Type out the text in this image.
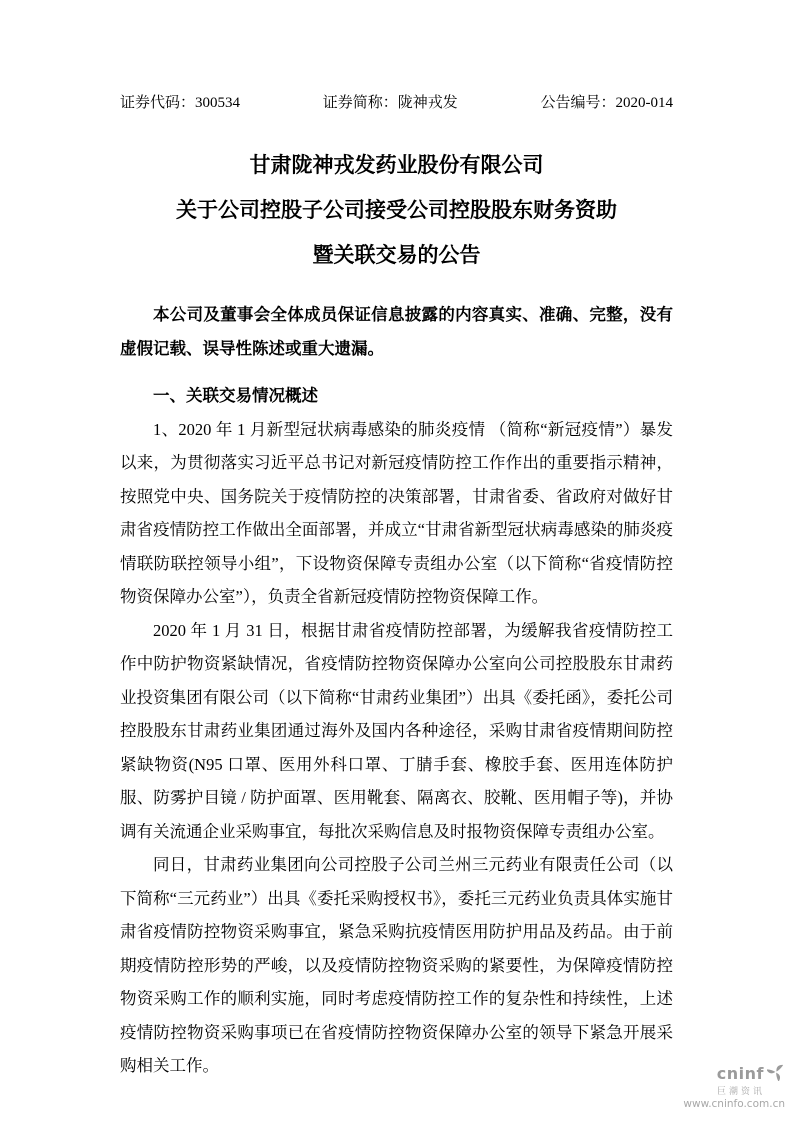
证券代码：300534	证券简称：陇神戎发	公告编号：2020-014
甘肃陇神戎发药业股份有限公司
关于公司控股子公司接受公司控股股东财务资助
暨关联交易的公告

本公司及董事会全体成员保证信息披露的内容真实、准确、完整，没有虚假记载、误导性陈述或重大遗漏。

一、关联交易情况概述

1、2020 年 1 月新型冠状病毒感染的肺炎疫情 （简称“新冠疫情”）暴发以来，为贯彻落实习近平总书记对新冠疫情防控工作作出的重要指示精神，按照党中央、国务院关于疫情防控的决策部署，甘肃省委、省政府对做好甘肃省疫情防控工作做出全面部署，并成立“甘肃省新型冠状病毒感染的肺炎疫情联防联控领导小组”，下设物资保障专责组办公室（以下简称“省疫情防控物资保障办公室”），负责全省新冠疫情防控物资保障工作。

2020 年 1 月 31 日，根据甘肃省疫情防控部署，为缓解我省疫情防控工作中防护物资紧缺情况，省疫情防控物资保障办公室向公司控股股东甘肃药业投资集团有限公司（以下简称“甘肃药业集团”）出具《委托函》，委托公司控股股东甘肃药业集团通过海外及国内各种途径，采购甘肃省疫情期间防控紧缺物资(N95 口罩、医用外科口罩、丁腈手套、橡胶手套、医用连体防护服、防雾护目镜 / 防护面罩、医用靴套、隔离衣、胶靴、医用帽子等)，并协调有关流通企业采购事宜，每批次采购信息及时报物资保障专责组办公室。

同日，甘肃药业集团向公司控股子公司兰州三元药业有限责任公司（以下简称“三元药业”）出具《委托采购授权书》，委托三元药业负责具体实施甘肃省疫情防控物资采购事宜，紧急采购抗疫情医用防护用品及药品。由于前期疫情防控形势的严峻，以及疫情防控物资采购的紧要性，为保障疫情防控物资采购工作的顺利实施，同时考虑疫情防控工作的复杂性和持续性，上述疫情防控物资采购事项已在省疫情防控物资保障办公室的领导下紧急开展采购相关工作。	cninf
巨潮资讯
www.cninfo.com.cn
